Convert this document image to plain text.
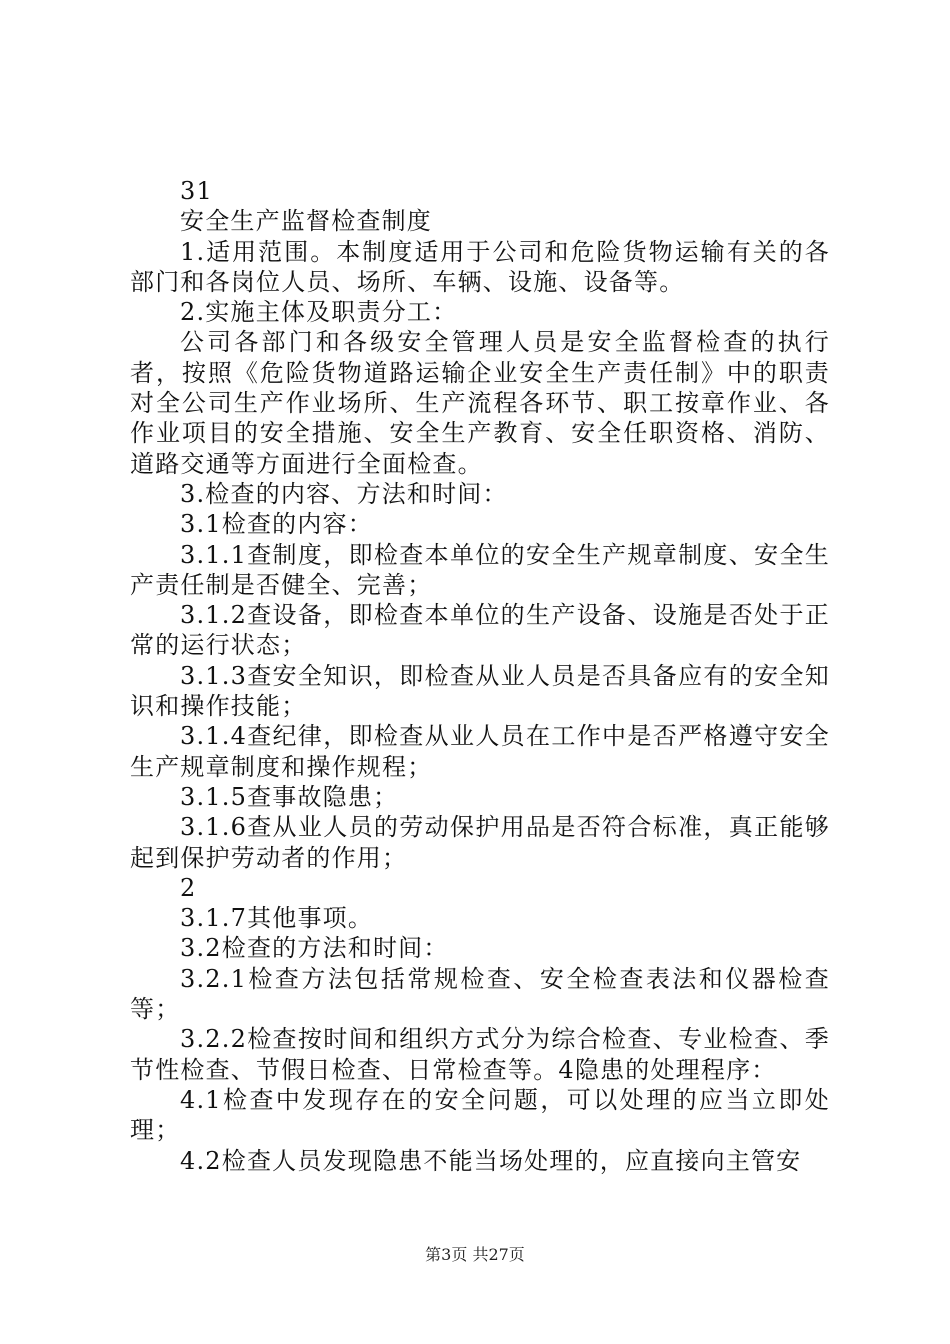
31

安全生产监督检查制度

1.适用范围。本制度适用于公司和危险货物运输有关的各部门和各岗位人员、场所、车辆、设施、设备等。

2.实施主体及职责分工：

公司各部门和各级安全管理人员是安全监督检查的执行者，按照《危险货物道路运输企业安全生产责任制》中的职责对全公司生产作业场所、生产流程各环节、职工按章作业、各作业项目的安全措施、安全生产教育、安全任职资格、消防、道路交通等方面进行全面检查。

3.检查的内容、方法和时间：

3.1检查的内容：

3.1.1查制度，即检查本单位的安全生产规章制度、安全生产责任制是否健全、完善；

3.1.2查设备，即检查本单位的生产设备、设施是否处于正常的运行状态；

3.1.3查安全知识，即检查从业人员是否具备应有的安全知识和操作技能；

3.1.4查纪律，即检查从业人员在工作中是否严格遵守安全生产规章制度和操作规程；

3.1.5查事故隐患；

3.1.6查从业人员的劳动保护用品是否符合标准，真正能够起到保护劳动者的作用；

2

3.1.7其他事项。

3.2检查的方法和时间：

3.2.1检查方法包括常规检查、安全检查表法和仪器检查等；

3.2.2检查按时间和组织方式分为综合检查、专业检查、季节性检查、节假日检查、日常检查等。4隐患的处理程序：

4.1检查中发现存在的安全问题，可以处理的应当立即处理；

4.2检查人员发现隐患不能当场处理的，应直接向主管安

第3页 共27页
